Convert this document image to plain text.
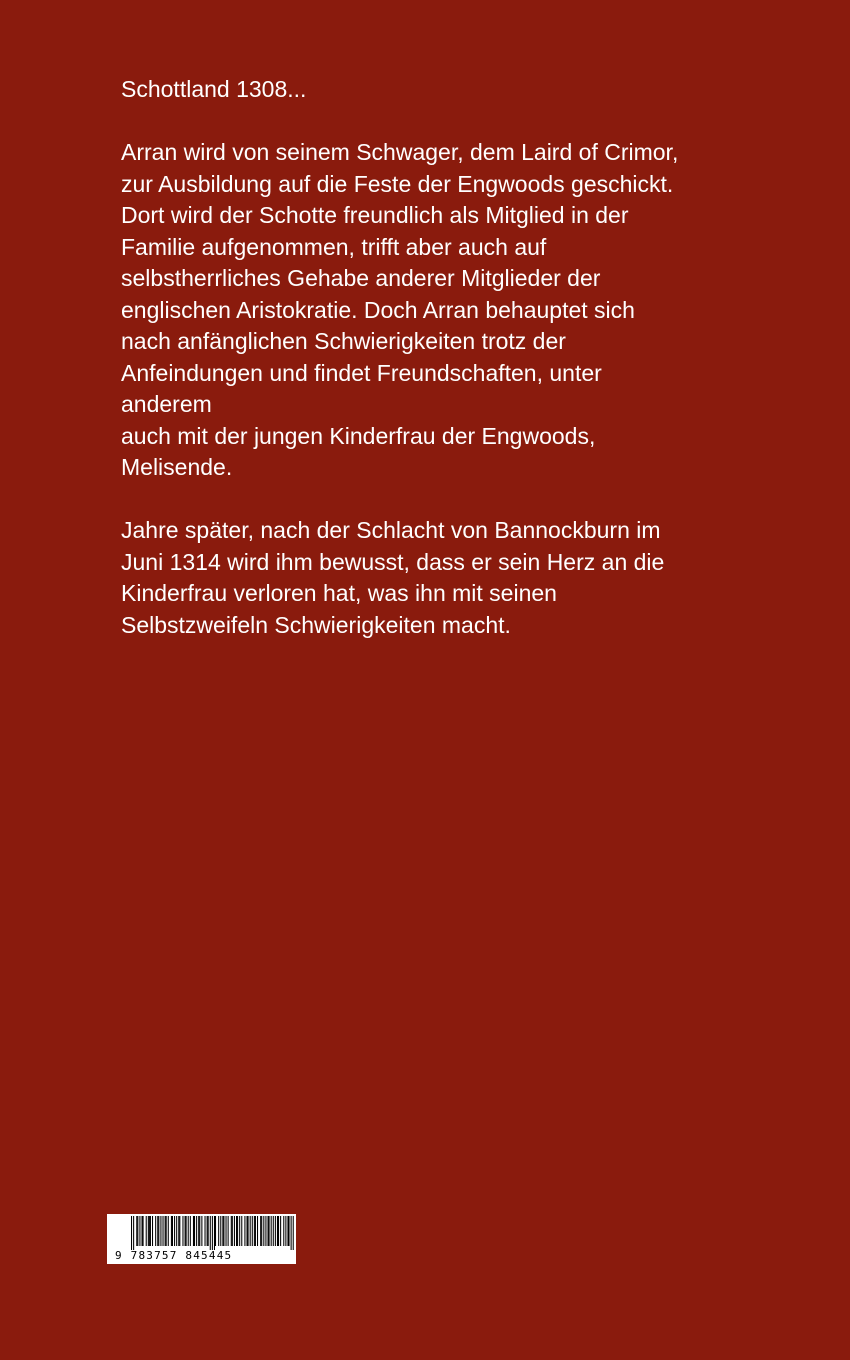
Schottland 1308...

Arran wird von seinem Schwager, dem Laird of Crimor,
zur Ausbildung auf die Feste der Engwoods geschickt.
Dort wird der Schotte freundlich als Mitglied in der
Familie aufgenommen, trifft aber auch auf
selbstherrliches Gehabe anderer Mitglieder der
englischen Aristokratie. Doch Arran behauptet sich
nach anfänglichen Schwierigkeiten trotz der
Anfeindungen und findet Freundschaften, unter
anderem
auch mit der jungen Kinderfrau der Engwoods,
Melisende.

Jahre später, nach der Schlacht von Bannockburn im
Juni 1314 wird ihm bewusst, dass er sein Herz an die
Kinderfrau verloren hat, was ihn mit seinen
Selbstzweifeln Schwierigkeiten macht.

9 783757 845445
